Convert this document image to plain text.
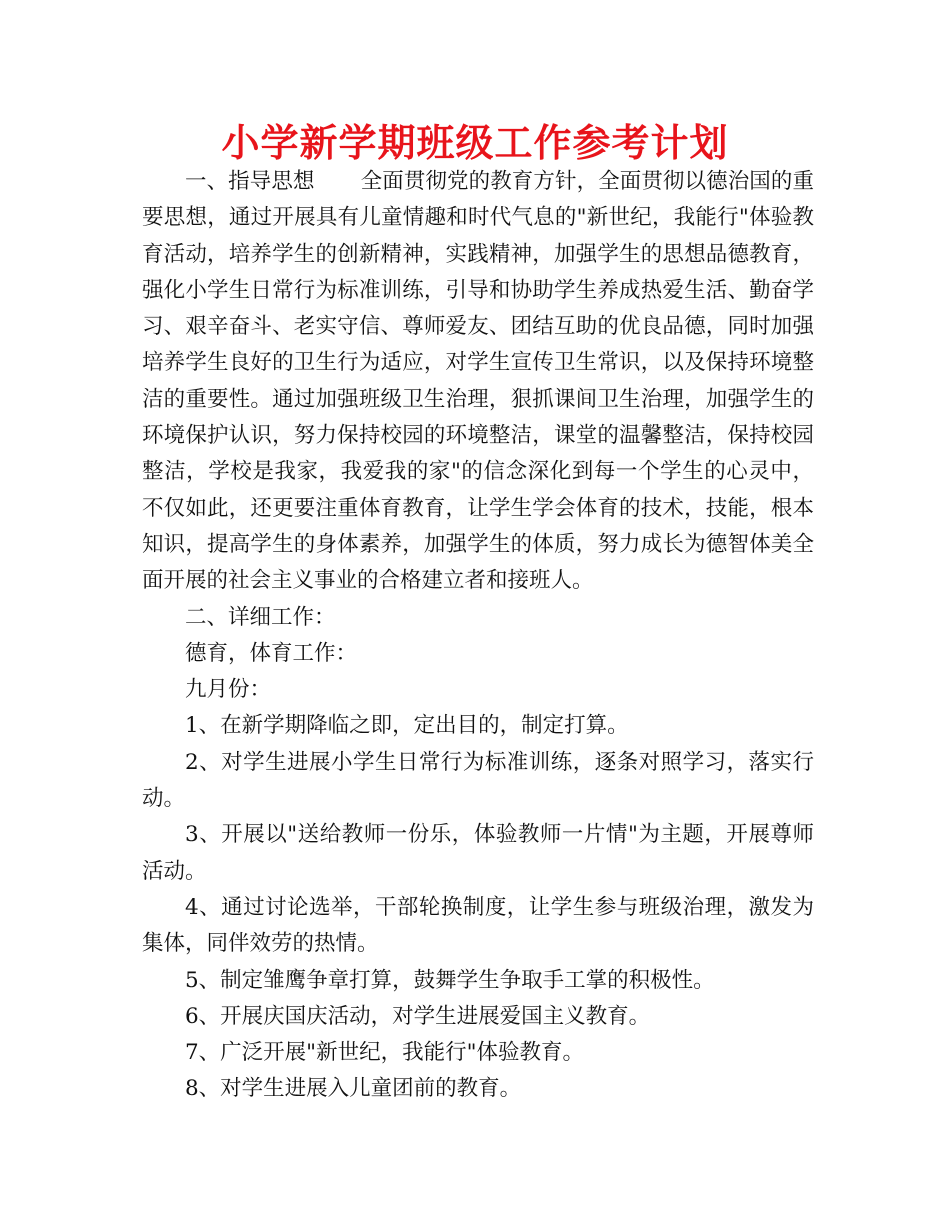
小学新学期班级工作参考计划

一、指导思想 全面贯彻党的教育方针，全面贯彻以德治国的重要思想，通过开展具有儿童情趣和时代气息的"新世纪，我能行"体验教育活动，培养学生的创新精神，实践精神，加强学生的思想品德教育，强化小学生日常行为标准训练，引导和协助学生养成热爱生活、勤奋学习、艰辛奋斗、老实守信、尊师爱友、团结互助的优良品德，同时加强培养学生良好的卫生行为适应，对学生宣传卫生常识，以及保持环境整洁的重要性。通过加强班级卫生治理，狠抓课间卫生治理，加强学生的环境保护认识，努力保持校园的环境整洁，课堂的温馨整洁，保持校园整洁，学校是我家，我爱我的家"的信念深化到每一个学生的心灵中，不仅如此，还更要注重体育教育，让学生学会体育的技术，技能，根本知识，提高学生的身体素养，加强学生的体质，努力成长为德智体美全面开展的社会主义事业的合格建立者和接班人。

二、详细工作：

德育，体育工作：

九月份：

1、在新学期降临之即，定出目的，制定打算。

2、对学生进展小学生日常行为标准训练，逐条对照学习，落实行动。

3、开展以"送给教师一份乐，体验教师一片情"为主题，开展尊师活动。

4、通过讨论选举，干部轮换制度，让学生参与班级治理，激发为集体，同伴效劳的热情。

5、制定雏鹰争章打算，鼓舞学生争取手工掌的积极性。

6、开展庆国庆活动，对学生进展爱国主义教育。

7、广泛开展"新世纪，我能行"体验教育。

8、对学生进展入儿童团前的教育。
